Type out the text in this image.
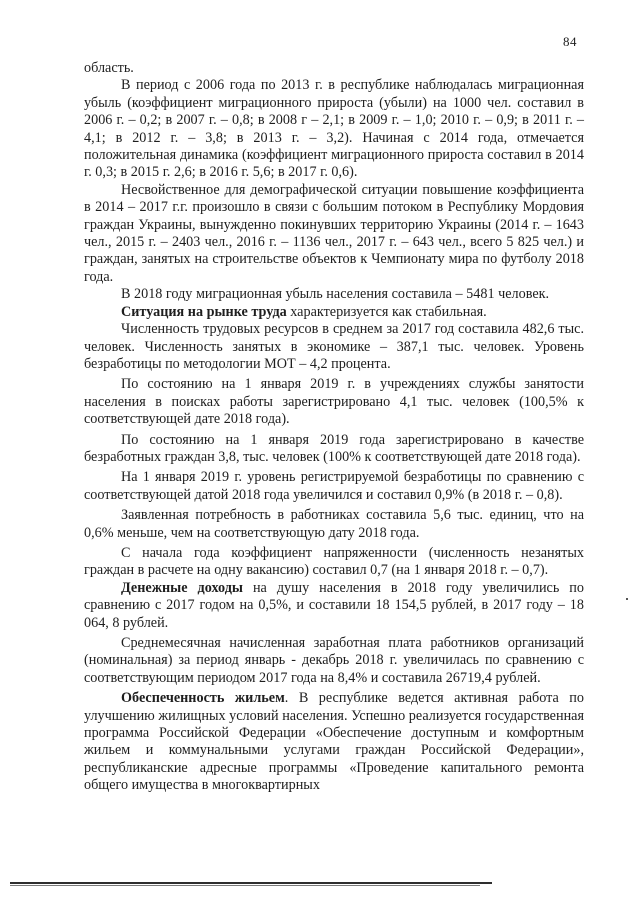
84

область.

В период с 2006 года по 2013 г. в республике наблюдалась миграционная убыль (коэффициент миграционного прироста (убыли) на 1000 чел. составил в 2006 г. – 0,2; в 2007 г. – 0,8; в 2008 г – 2,1; в 2009 г. – 1,0; 2010 г. – 0,9; в 2011 г. – 4,1; в 2012 г. – 3,8; в 2013 г. – 3,2). Начиная с 2014 года, отмечается положительная динамика (коэффициент миграционного прироста составил в 2014 г. 0,3; в 2015 г. 2,6; в 2016 г. 5,6; в 2017 г. 0,6).

Несвойственное для демографической ситуации повышение коэффициента в 2014 – 2017 г.г. произошло в связи с большим потоком в Республику Мордовия граждан Украины, вынужденно покинувших территорию Украины (2014 г. – 1643 чел., 2015 г. – 2403 чел., 2016 г. – 1136 чел., 2017 г. – 643 чел., всего 5 825 чел.) и граждан, занятых на строительстве объектов к Чемпионату мира по футболу 2018 года.

В 2018 году миграционная убыль населения составила – 5481 человек.

Ситуация на рынке труда характеризуется как стабильная.

Численность трудовых ресурсов в среднем за 2017 год составила 482,6 тыс. человек. Численность занятых в экономике – 387,1 тыс. человек. Уровень безработицы по методологии МОТ – 4,2 процента.

По состоянию на 1 января 2019 г. в учреждениях службы занятости населения в поисках работы зарегистрировано 4,1 тыс. человек (100,5% к соответствующей дате 2018 года).

По состоянию на 1 января 2019 года зарегистрировано в качестве безработных граждан 3,8, тыс. человек (100% к соответствующей дате 2018 года).

На 1 января 2019 г. уровень регистрируемой безработицы по сравнению с соответствующей датой 2018 года увеличился и составил 0,9% (в 2018 г. – 0,8).

Заявленная потребность в работниках составила 5,6 тыс. единиц, что на 0,6% меньше, чем на соответствующую дату 2018 года.

С начала года коэффициент напряженности (численность незанятых граждан в расчете на одну вакансию) составил 0,7 (на 1 января 2018 г. – 0,7).

Денежные доходы на душу населения в 2018 году увеличились по сравнению с 2017 годом на 0,5%, и составили 18 154,5 рублей, в 2017 году – 18 064, 8 рублей.

Среднемесячная начисленная заработная плата работников организаций (номинальная) за период январь - декабрь 2018 г. увеличилась по сравнению с соответствующим периодом 2017 года на 8,4% и составила 26719,4 рублей.

Обеспеченность жильем. В республике ведется активная работа по улучшению жилищных условий населения. Успешно реализуется государственная программа Российской Федерации «Обеспечение доступным и комфортным жильем и коммунальными услугами граждан Российской Федерации», республиканские адресные программы «Проведение капитального ремонта общего имущества в многоквартирных
